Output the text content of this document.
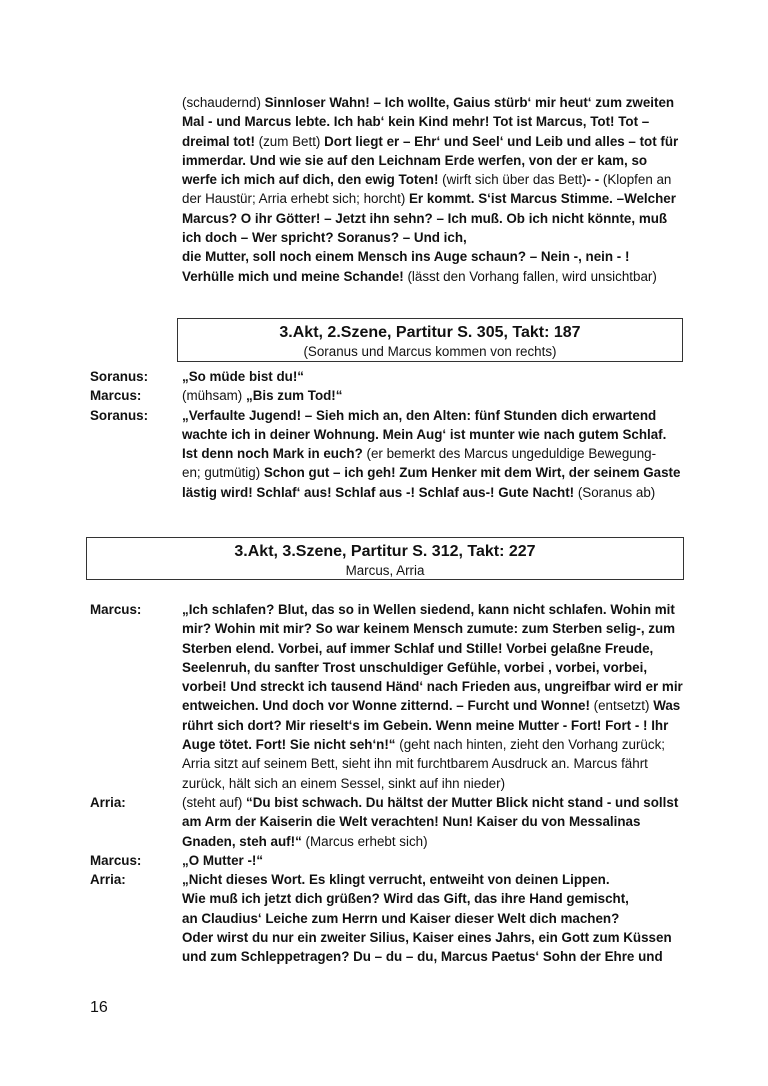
(schaudernd) Sinnloser Wahn! – Ich wollte, Gaius stürb‘ mir heut‘ zum zweiten Mal - und Marcus lebte. Ich hab‘ kein Kind mehr! Tot ist Marcus, Tot! Tot – dreimal tot! (zum Bett) Dort liegt er – Ehr‘ und Seel‘ und Leib und alles – tot für immerdar. Und wie sie auf den Leichnam Erde werfen, von der er kam, so werfe ich mich auf dich, den ewig Toten! (wirft sich über das Bett)- - (Klopfen an der Haustür; Arria erhebt sich; horcht) Er kommt. S‘ist Marcus Stimme. –Welcher Marcus? O ihr Götter! – Jetzt ihn sehn? – Ich muß. Ob ich nicht könnte, muß ich doch – Wer spricht? Soranus? – Und ich,
die Mutter, soll noch einem Mensch ins Auge schaun? – Nein -, nein - !
Verhülle mich und meine Schande! (lässt den Vorhang fallen, wird unsichtbar)

3.Akt, 2.Szene, Partitur S. 305, Takt: 187
(Soranus und Marcus kommen von rechts)
Soranus:	„So müde bist du!“

Marcus:	(mühsam) „Bis zum Tod!“

Soranus:	„Verfaulte Jugend! – Sieh mich an, den Alten: fünf Stunden dich erwartend wachte ich in deiner Wohnung. Mein Aug‘ ist munter wie nach gutem Schlaf. Ist denn noch Mark in euch? (er bemerkt des Marcus ungeduldige Bewegung-
en; gutmütig) Schon gut – ich geh! Zum Henker mit dem Wirt, der seinem Gaste lästig wird! Schlaf‘ aus! Schlaf aus -! Schlaf aus-! Gute Nacht! (Soranus ab)

3.Akt, 3.Szene, Partitur S. 312, Takt: 227
Marcus, Arria
Marcus:	„Ich schlafen? Blut, das so in Wellen siedend, kann nicht schlafen. Wohin mit mir? Wohin mit mir? So war keinem Mensch zumute: zum Sterben selig-, zum Sterben elend. Vorbei, auf immer Schlaf und Stille! Vorbei gelaßne Freude, Seelenruh, du sanfter Trost unschuldiger Gefühle, vorbei , vorbei, vorbei, vorbei! Und streckt ich tausend Händ‘ nach Frieden aus, ungreifbar wird er mir entweichen. Und doch vor Wonne zitternd. – Furcht und Wonne! (entsetzt) Was rührt sich dort? Mir rieselt‘s im Gebein. Wenn meine Mutter - Fort! Fort - ! Ihr Auge tötet. Fort! Sie nicht seh‘n!“ (geht nach hinten, zieht den Vorhang zurück; Arria sitzt auf seinem Bett, sieht ihn mit furchtbarem Ausdruck an. Marcus fährt zurück, hält sich an einem Sessel, sinkt auf ihn nieder)

Arria:	(steht auf) “Du bist schwach. Du hältst der Mutter Blick nicht stand - und sollst am Arm der Kaiserin die Welt verachten! Nun! Kaiser du von Messalinas Gnaden, steh auf!“ (Marcus erhebt sich)

Marcus:	„O Mutter -!“

Arria:	„Nicht dieses Wort. Es klingt verrucht, entweiht von deinen Lippen.
Wie muß ich jetzt dich grüßen? Wird das Gift, das ihre Hand gemischt,
an Claudius‘ Leiche zum Herrn und Kaiser dieser Welt dich machen?
Oder wirst du nur ein zweiter Silius, Kaiser eines Jahrs, ein Gott zum Küssen und zum Schleppetragen? Du – du – du, Marcus Paetus‘ Sohn der Ehre und

16
